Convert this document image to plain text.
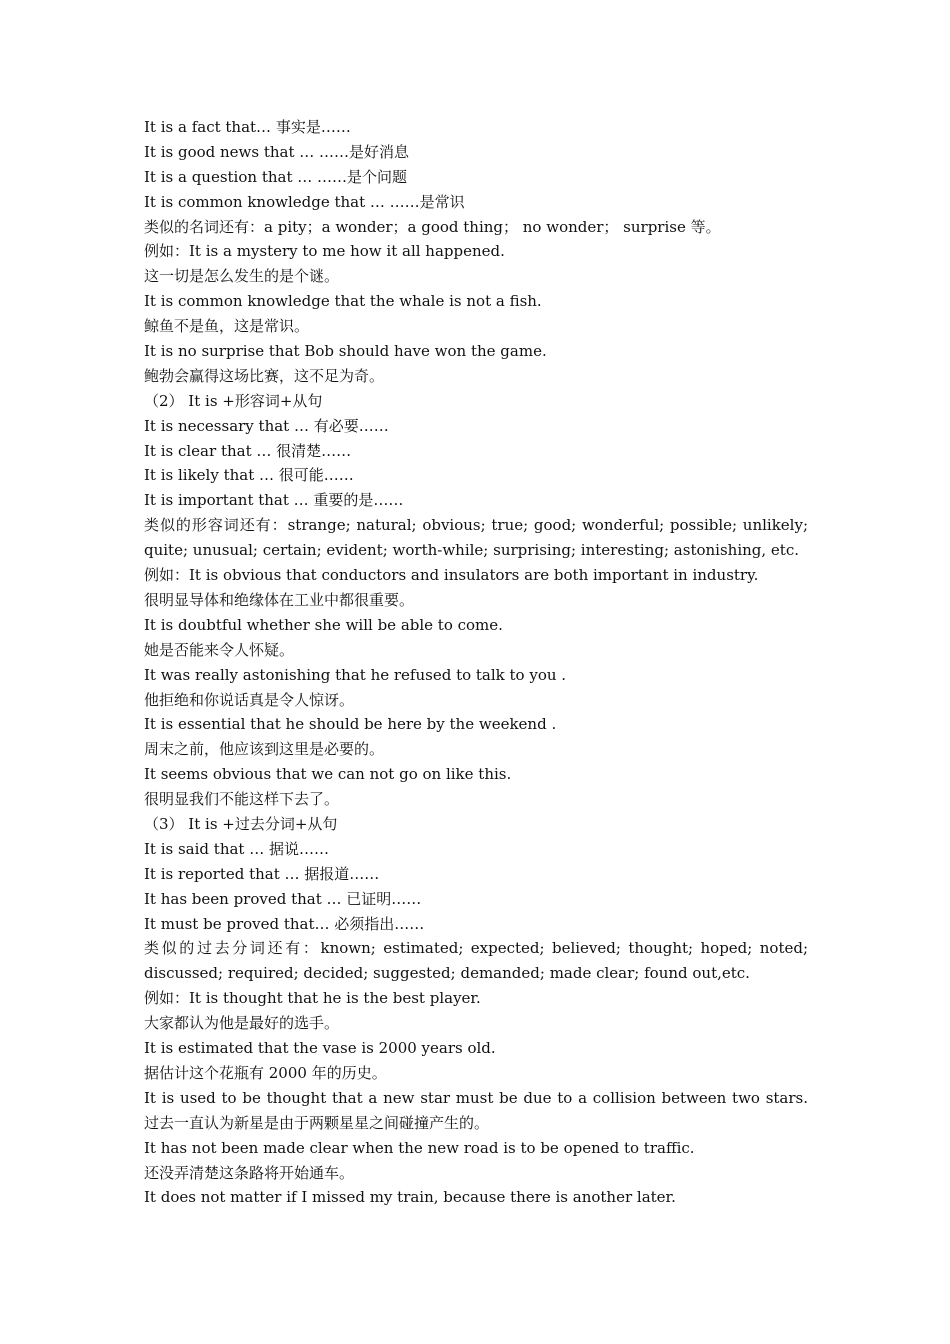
It is a fact that… 事实是……
It is good news that … ……是好消息
It is a question that … ……是个问题
It is common knowledge that … ……是常识
类似的名词还有：a pity；a wonder；a good thing； no wonder； surprise 等。
例如：It is a mystery to me how it all happened.
这一切是怎么发生的是个谜。
It is common knowledge that the whale is not a fish.
鲸鱼不是鱼，这是常识。
It is no surprise that Bob should have won the game.
鲍勃会赢得这场比赛，这不足为奇。
（2） It is +形容词+从句
It is necessary that … 有必要……
It is clear that … 很清楚……
It is likely that … 很可能……
It is important that … 重要的是……
类似的形容词还有：strange; natural; obvious; true; good; wonderful; possible; unlikely; quite; unusual; certain; evident; worth-while; surprising; interesting; astonishing, etc.
例如：It is obvious that conductors and insulators are both important in industry.
很明显导体和绝缘体在工业中都很重要。
It is doubtful whether she will be able to come.
她是否能来令人怀疑。
It was really astonishing that he refused to talk to you .
他拒绝和你说话真是令人惊讶。
It is essential that he should be here by the weekend .
周末之前，他应该到这里是必要的。
It seems obvious that we can not go on like this.
很明显我们不能这样下去了。
（3） It is +过去分词+从句
It is said that … 据说……
It is reported that … 据报道……
It has been proved that … 已证明……
It must be proved that… 必须指出……
类似的过去分词还有：known; estimated; expected; believed; thought; hoped; noted; discussed; required; decided; suggested; demanded; made clear; found out,etc.
例如：It is thought that he is the best player.
大家都认为他是最好的选手。
It is estimated that the vase is 2000 years old.
据估计这个花瓶有 2000 年的历史。
It is used to be thought that a new star must be due to a collision between two stars. 过去一直认为新星是由于两颗星星之间碰撞产生的。
It has not been made clear when the new road is to be opened to traffic.
还没弄清楚这条路将开始通车。
It does not matter if I missed my train, because there is another later.
